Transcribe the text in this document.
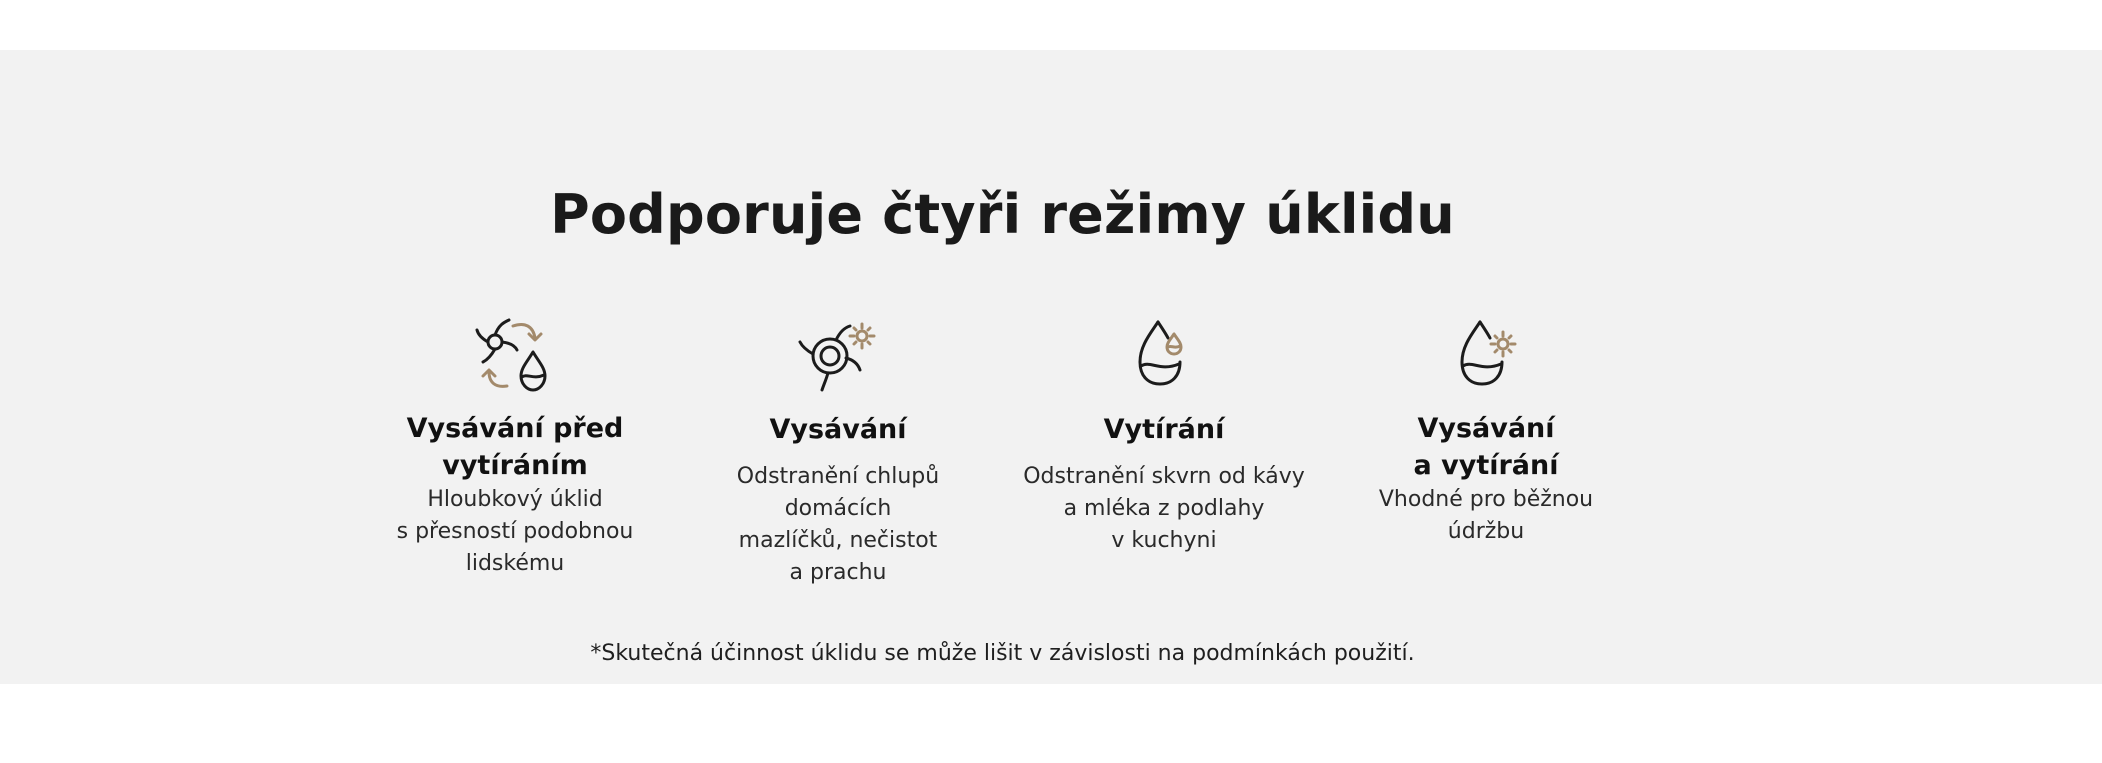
Podporuje čtyři režimy úklidu

Vysávání před
vytíráním

Hloubkový úklid
s přesností podobnou
lidskému

Vysávání

Odstranění chlupů
domácích
mazlíčků, nečistot
a prachu

Vytírání

Odstranění skvrn od kávy
a mléka z podlahy
v kuchyni

Vysávání
a vytírání

Vhodné pro běžnou
údržbu

*Skutečná účinnost úklidu se může lišit v závislosti na podmínkách použití.
